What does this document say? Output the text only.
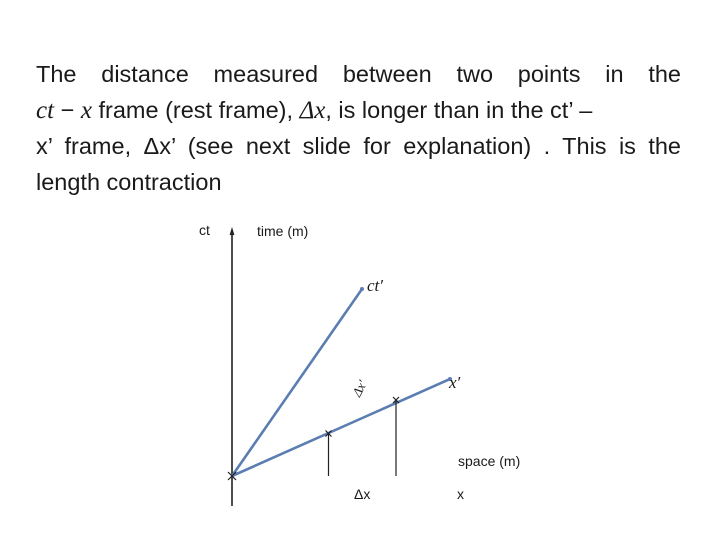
The distance measured between two points in the
ct − x frame (rest frame), Δx, is longer than in the ct’ –
x’ frame, Δx’ (see next slide for explanation) . This is the
length contraction
ct	time (m)
ct′
x′
Δx′
space (m)
Δx	x
